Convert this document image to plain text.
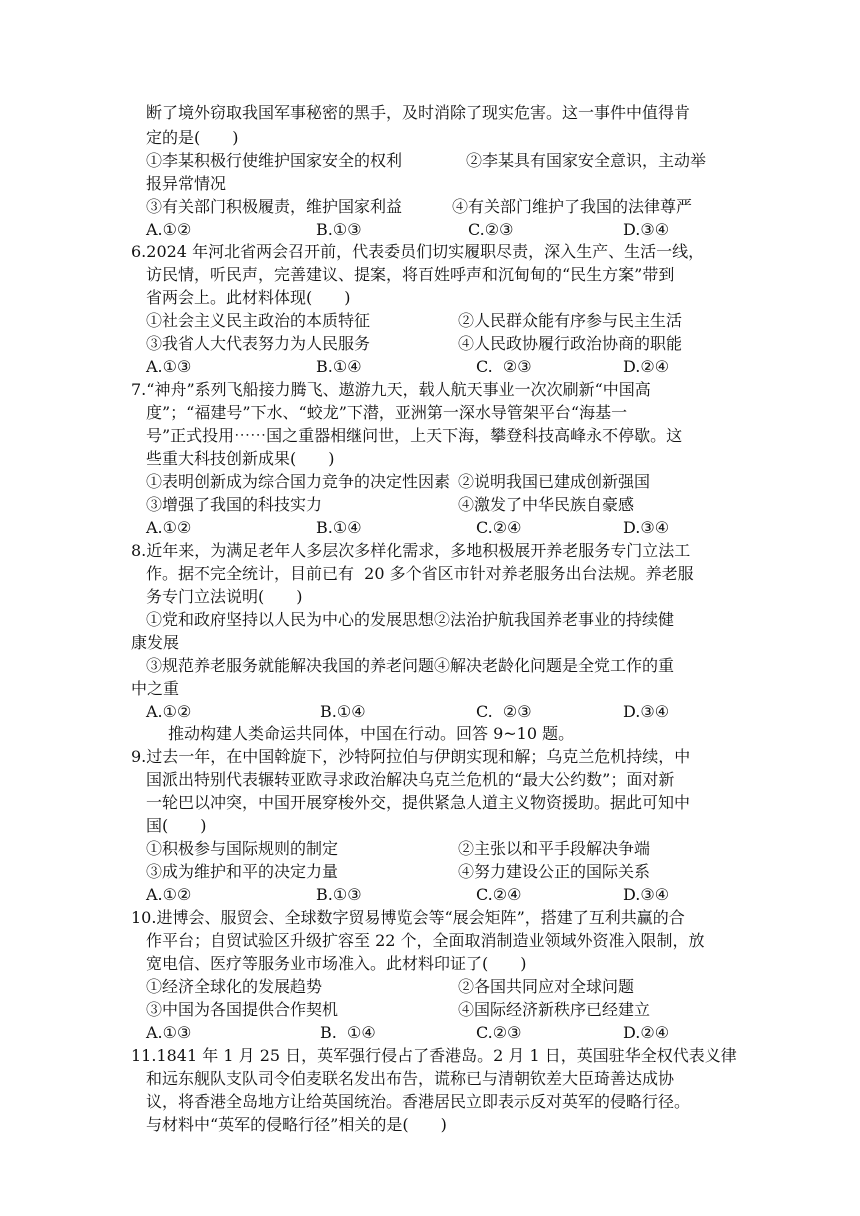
断了境外窃取我国军事秘密的黑手，及时消除了现实危害。这一事件中值得肯
定的是(　　)
①李某积极行使维护国家安全的权利	②李某具有国家安全意识，主动举
报异常情况
③有关部门积极履责，维护国家利益	④有关部门维护了我国的法律尊严
A.①②	B.①③	C.②③	D.③④
6.2024 年河北省两会召开前，代表委员们切实履职尽责，深入生产、生活一线，
访民情，听民声，完善建议、提案，将百姓呼声和沉甸甸的“民生方案”带到
省两会上。此材料体现(　　)
①社会主义民主政治的本质特征	②人民群众能有序参与民主生活
③我省人大代表努力为人民服务	④人民政协履行政治协商的职能
A.①③	B.①④	C.  ②③	D.②④
7.“神舟”系列飞船接力腾飞、遨游九天，载人航天事业一次次刷新“中国高
度”；“福建号”下水、“蛟龙”下潜，亚洲第一深水导管架平台“海基一
号”正式投用⋯⋯国之重器相继问世，上天下海，攀登科技高峰永不停歇。这
些重大科技创新成果(　　)
①表明创新成为综合国力竞争的决定性因素 ②说明我国已建成创新强国
③增强了我国的科技实力	④激发了中华民族自豪感
A.①②	B.①④	C.②④	D.③④
8.近年来，为满足老年人多层次多样化需求，多地积极展开养老服务专门立法工
作。据不完全统计，目前已有  20 多个省区市针对养老服务出台法规。养老服
务专门立法说明(　　)
①党和政府坚持以人民为中心的发展思想②法治护航我国养老事业的持续健
康发展
③规范养老服务就能解决我国的养老问题④解决老龄化问题是全党工作的重
中之重
A.①②	B.①④	C.  ②③	D.③④
推动构建人类命运共同体，中国在行动。回答 9~10 题。
9.过去一年，在中国斡旋下，沙特阿拉伯与伊朗实现和解；乌克兰危机持续，中
国派出特别代表辗转亚欧寻求政治解决乌克兰危机的“最大公约数”；面对新
一轮巴以冲突，中国开展穿梭外交，提供紧急人道主义物资援助。据此可知中
国(　　)
①积极参与国际规则的制定	②主张以和平手段解决争端
③成为维护和平的决定力量	④努力建设公正的国际关系
A.①②	B.①③	C.②④	D.③④
10.进博会、服贸会、全球数字贸易博览会等“展会矩阵”，搭建了互利共赢的合
作平台；自贸试验区升级扩容至 22 个，全面取消制造业领域外资准入限制，放
宽电信、医疗等服务业市场准入。此材料印证了(　　)
①经济全球化的发展趋势	②各国共同应对全球问题
③中国为各国提供合作契机	④国际经济新秩序已经建立
A.①③	B.  ①④	C.②③	D.②④
11.1841 年 1 月 25 日，英军强行侵占了香港岛。2 月 1 日，英国驻华全权代表义律
和远东舰队支队司令伯麦联名发出布告，谎称已与清朝钦差大臣琦善达成协
议，将香港全岛地方让给英国统治。香港居民立即表示反对英军的侵略行径。
与材料中“英军的侵略行径”相关的是(　　)
